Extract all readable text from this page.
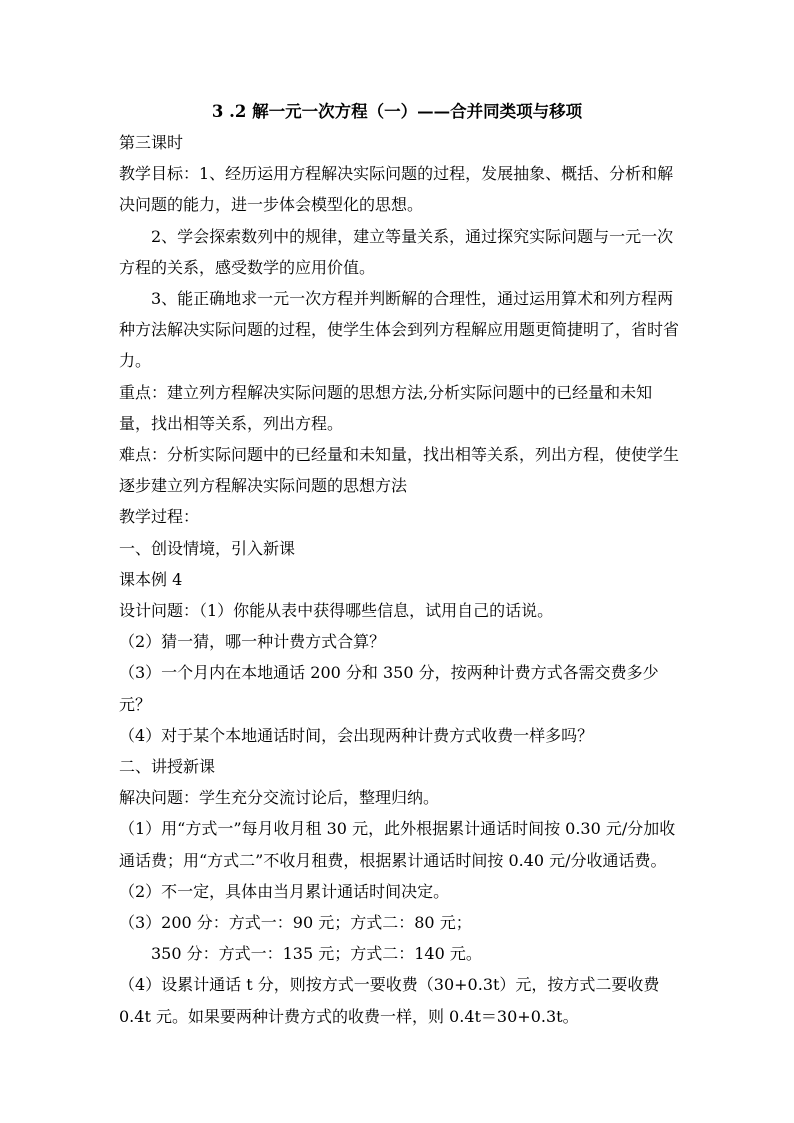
3 .2 解一元一次方程（一）——合并同类项与移项

第三课时

教学目标：1、经历运用方程解决实际问题的过程，发展抽象、概括、分析和解决问题的能力，进一步体会模型化的思想。

2、学会探索数列中的规律，建立等量关系，通过探究实际问题与一元一次方程的关系，感受数学的应用价值。

3、能正确地求一元一次方程并判断解的合理性，通过运用算术和列方程两种方法解决实际问题的过程，使学生体会到列方程解应用题更简捷明了，省时省力。

重点：建立列方程解决实际问题的思想方法,分析实际问题中的已经量和未知量，找出相等关系，列出方程。

难点：分析实际问题中的已经量和未知量，找出相等关系，列出方程，使使学生逐步建立列方程解决实际问题的思想方法

教学过程：

一、创设情境，引入新课

课本例 4

设计问题：（1）你能从表中获得哪些信息，试用自己的话说。

（2）猜一猜，哪一种计费方式合算？

（3）一个月内在本地通话 200 分和 350 分，按两种计费方式各需交费多少元？

（4）对于某个本地通话时间，会出现两种计费方式收费一样多吗？

二、讲授新课

解决问题：学生充分交流讨论后，整理归纳。

（1）用“方式一”每月收月租 30 元，此外根据累计通话时间按 0.30 元/分加收通话费；用“方式二”不收月租费，根据累计通话时间按 0.40 元/分收通话费。

（2）不一定，具体由当月累计通话时间决定。

（3）200 分：方式一：90 元；方式二：80 元；

350 分：方式一：135 元；方式二：140 元。

（4）设累计通话 t 分，则按方式一要收费（30+0.3t）元，按方式二要收费 0.4t 元。如果要两种计费方式的收费一样，则 0.4t＝30+0.3t。
